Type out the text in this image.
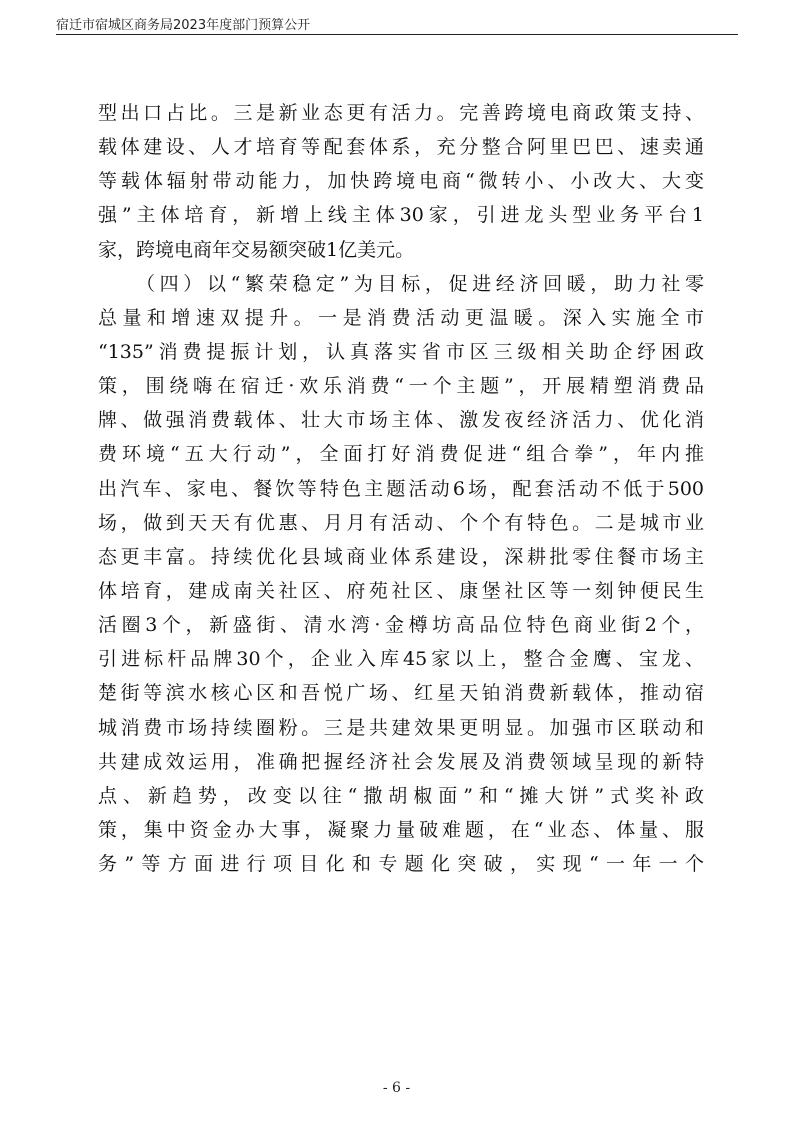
宿迁市宿城区商务局2023年度部门预算公开
型出口占比。三是新业态更有活力。完善跨境电商政策支持、
载体建设、人才培育等配套体系，充分整合阿里巴巴、速卖通
等载体辐射带动能力，加快跨境电商“微转小、小改大、大变
强”主体培育，新增上线主体30家，引进龙头型业务平台1
家，跨境电商年交易额突破1亿美元。
（四）以“繁荣稳定”为目标，促进经济回暖，助力社零
总量和增速双提升。一是消费活动更温暖。深入实施全市
“135”消费提振计划，认真落实省市区三级相关助企纾困政
策，围绕嗨在宿迁·欢乐消费“一个主题”，开展精塑消费品
牌、做强消费载体、壮大市场主体、激发夜经济活力、优化消
费环境“五大行动”，全面打好消费促进“组合拳”，年内推
出汽车、家电、餐饮等特色主题活动6场，配套活动不低于500
场，做到天天有优惠、月月有活动、个个有特色。二是城市业
态更丰富。持续优化县域商业体系建设，深耕批零住餐市场主
体培育，建成南关社区、府苑社区、康堡社区等一刻钟便民生
活圈3个，新盛街、清水湾·金樽坊高品位特色商业街2个，
引进标杆品牌30个，企业入库45家以上，整合金鹰、宝龙、
楚街等滨水核心区和吾悦广场、红星天铂消费新载体，推动宿
城消费市场持续圈粉。三是共建效果更明显。加强市区联动和
共建成效运用，准确把握经济社会发展及消费领域呈现的新特
点、新趋势，改变以往“撒胡椒面”和“摊大饼”式奖补政
策，集中资金办大事，凝聚力量破难题，在“业态、体量、服
务”等方面进行项目化和专题化突破，实现“一年一个
- 6 -
